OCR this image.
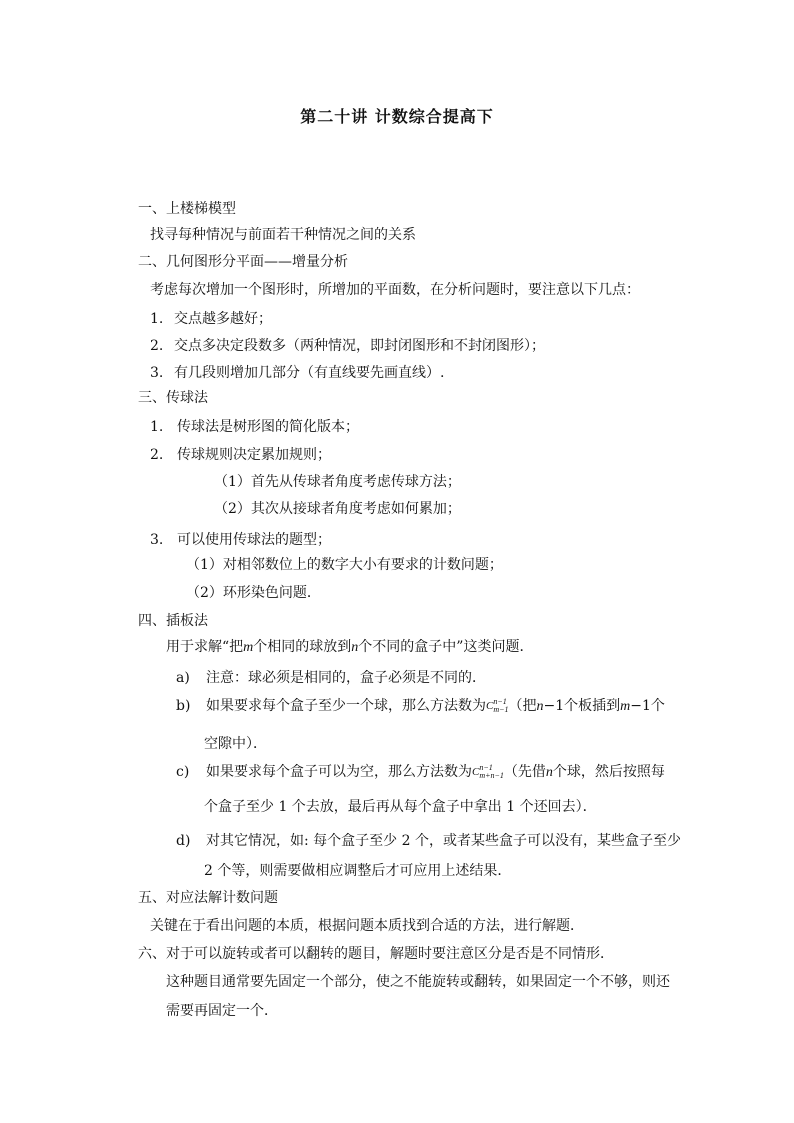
第二十讲 计数综合提高下
一、上楼梯模型
找寻每种情况与前面若干种情况之间的关系
二、几何图形分平面——增量分析
考虑每次增加一个图形时，所增加的平面数，在分析问题时，要注意以下几点：
1. 交点越多越好；
2. 交点多决定段数多（两种情况，即封闭图形和不封闭图形）；
3. 有几段则增加几部分（有直线要先画直线）.
三、传球法
1. 传球法是树形图的简化版本；
2. 传球规则决定累加规则；
（1）首先从传球者角度考虑传球方法；
（2）其次从接球者角度考虑如何累加；
3. 可以使用传球法的题型；
（1）对相邻数位上的数字大小有要求的计数问题；
（2）环形染色问题．
四、插板法
用于求解“把m个相同的球放到n个不同的盒子中”这类问题．
a) 注意：球必须是相同的，盒子必须是不同的．
b) 如果要求每个盒子至少一个球，那么方法数为C n−1
m−1 （把n−1个板插到m−1个
空隙中）．
c) 如果要求每个盒子可以为空，那么方法数为C n−1
m+n−1 （先借n个球，然后按照每
个盒子至少 1 个去放，最后再从每个盒子中拿出 1 个还回去）．
d) 对其它情况，如: 每个盒子至少 2 个，或者某些盒子可以没有，某些盒子至少
2 个等，则需要做相应调整后才可应用上述结果．
五、对应法解计数问题
关键在于看出问题的本质，根据问题本质找到合适的方法，进行解题．
六、对于可以旋转或者可以翻转的题目，解题时要注意区分是否是不同情形．
这种题目通常要先固定一个部分，使之不能旋转或翻转，如果固定一个不够，则还
需要再固定一个．
